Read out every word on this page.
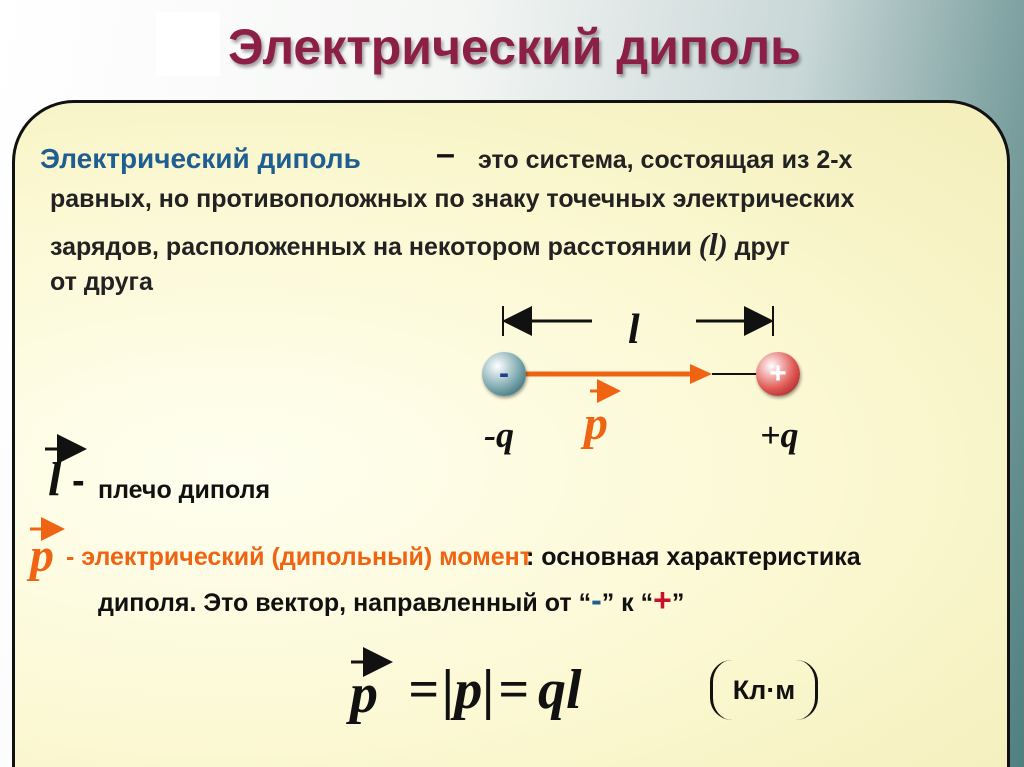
Электрический диполь
Электрический диполь – это система, состоящая из 2-х
равных, но противоположных по знаку точечных электрических
зарядов, расположенных на некотором расстоянии (l) друг
от друга
l
-	+
-q p	+q
l - плечо диполя
p - электрический (дипольный) момент
: основная характеристика
диполя. Это вектор, направленный от “-” к “+”
p = |p| = ql	Кл·м
